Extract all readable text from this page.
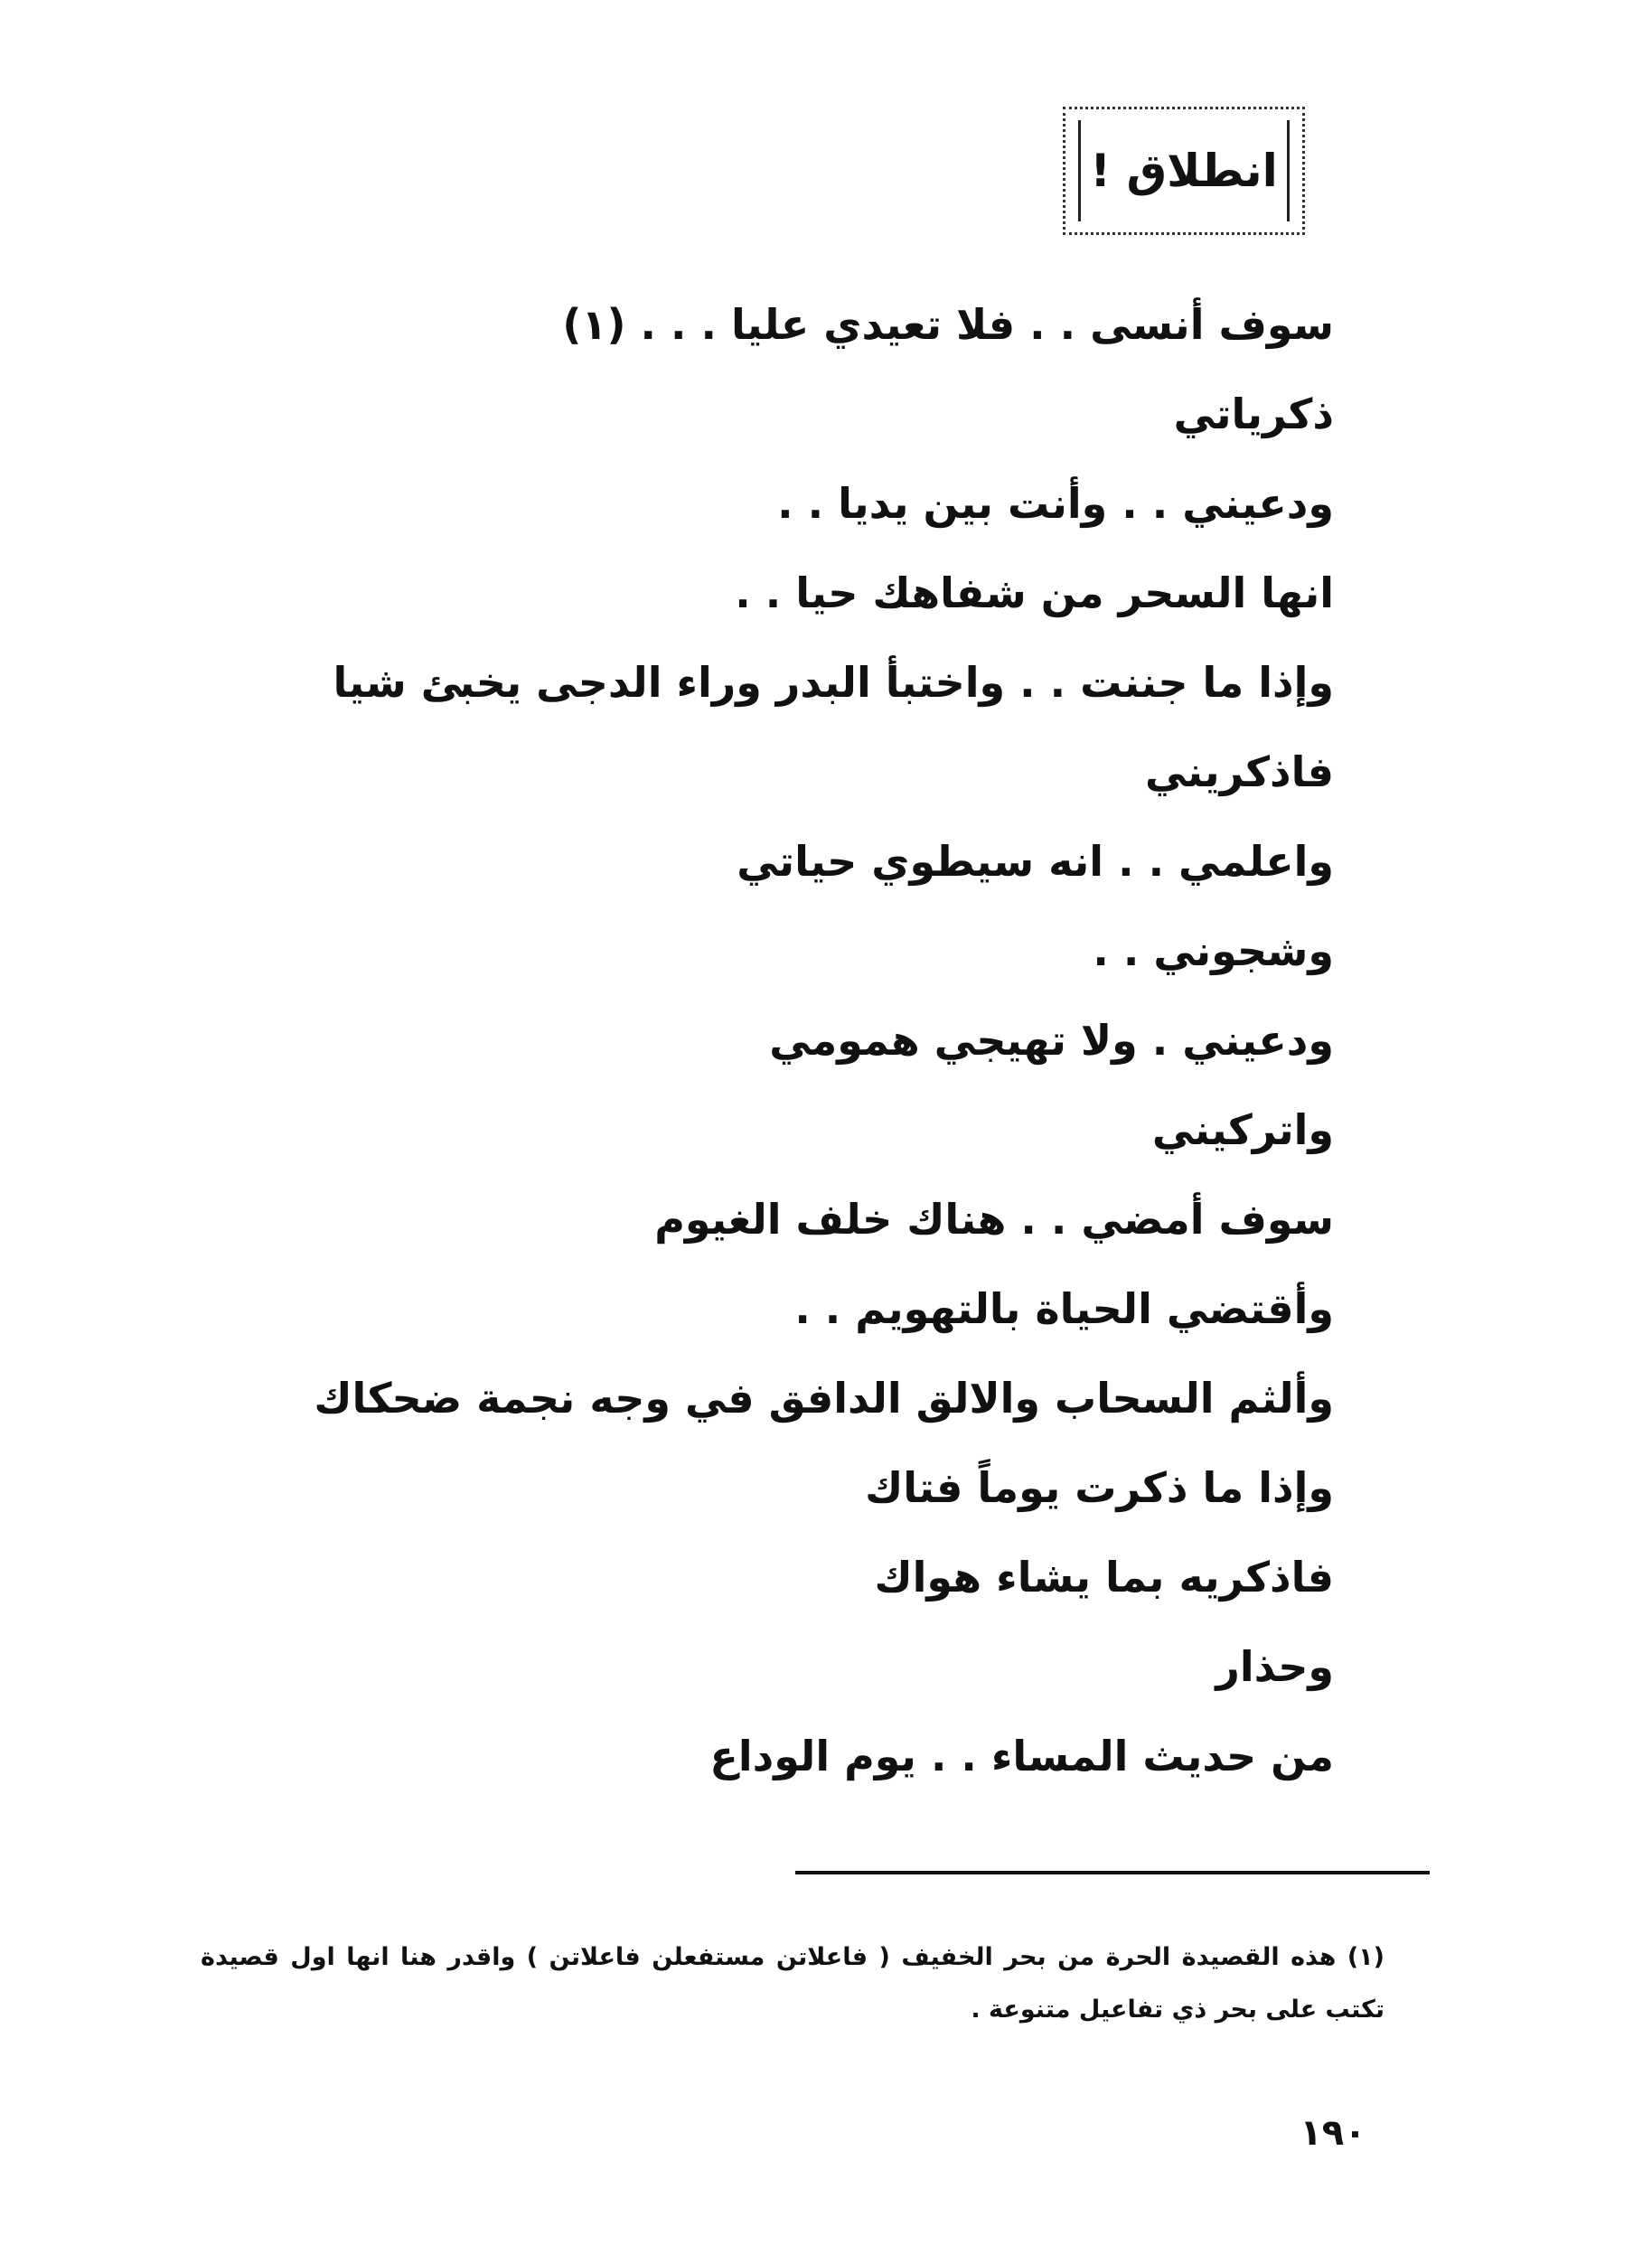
انطلاق !
سوف أنسى . . فلا تعيدي عليا . . . (١)
ذكرياتي
ودعيني . . وأنت بين يديا . .
انها السحر من شفاهك حيا . .
وإذا ما جننت . . واختبأ البدر وراء الدجى يخبئ شيا
فاذكريني
واعلمي . . انه سيطوي حياتي
وشجوني . .
ودعيني . ولا تهيجي همومي
واتركيني
سوف أمضي . . هناك خلف الغيوم
وأقتضي الحياة بالتهويم . .
وألثم السحاب والالق الدافق في وجه نجمة ضحكاك
وإذا ما ذكرت يوماً فتاك
فاذكريه بما يشاء هواك
وحذار
من حديث المساء . . يوم الوداع

(١) هذه القصيدة الحرة من بحر الخفيف ( فاعلاتن مستفعلن فاعلاتن ) واقدر هنا انها اول قصيدة تكتب على بحر ذي تفاعيل متنوعة .

١٩٠
